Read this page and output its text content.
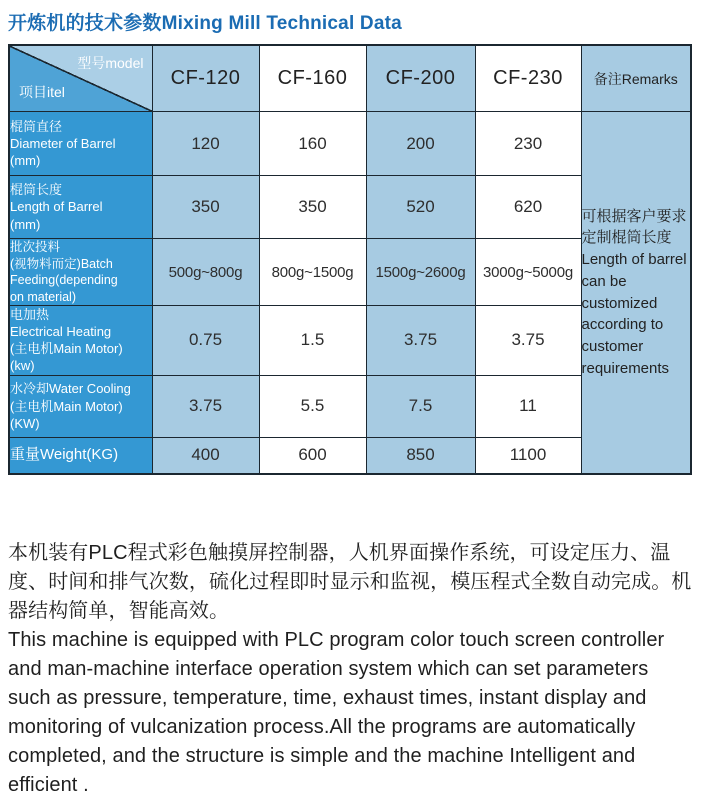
开炼机的技术参数Mixing Mill Technical Data
型号model
项目itel	CF-120	CF-160	CF-200	CF-230	备注Remarks

棍筒直径
Diameter of Barrel
(mm)
	120	160	200	230	
可根据客户要求定制棍筒长度
Length of barrel can be customized according to customer requirements

棍筒长度
Length of Barrel
(mm)	350	350	520	620	

批次投料
(视物料而定)Batch
Feeding(depending
on material)	500g~800g	800g~1500g	1500g~2600g	3000g~5000g	

电加热
Electrical Heating
(主电机Main Motor)
(kw)	0.75	1.5	3.75	3.75	

水冷却Water Cooling
(主电机Main Motor)
(KW)	3.75	5.5	7.5	11	

重量Weight(KG)	400	600	850	1100	

本机装有PLC程式彩色触摸屏控制器，人机界面操作系统，可设定压力、温度、时间和排气次数，硫化过程即时显示和监视，模压程式全数自动完成。机器结构简单，智能高效。

This machine is equipped with PLC program color touch screen controller and man-machine interface operation system which can set parameters such as pressure, temperature, time, exhaust times, instant display and monitoring of vulcanization process.All the programs are automatically completed, and the structure is simple and the machine Intelligent and efficient .
